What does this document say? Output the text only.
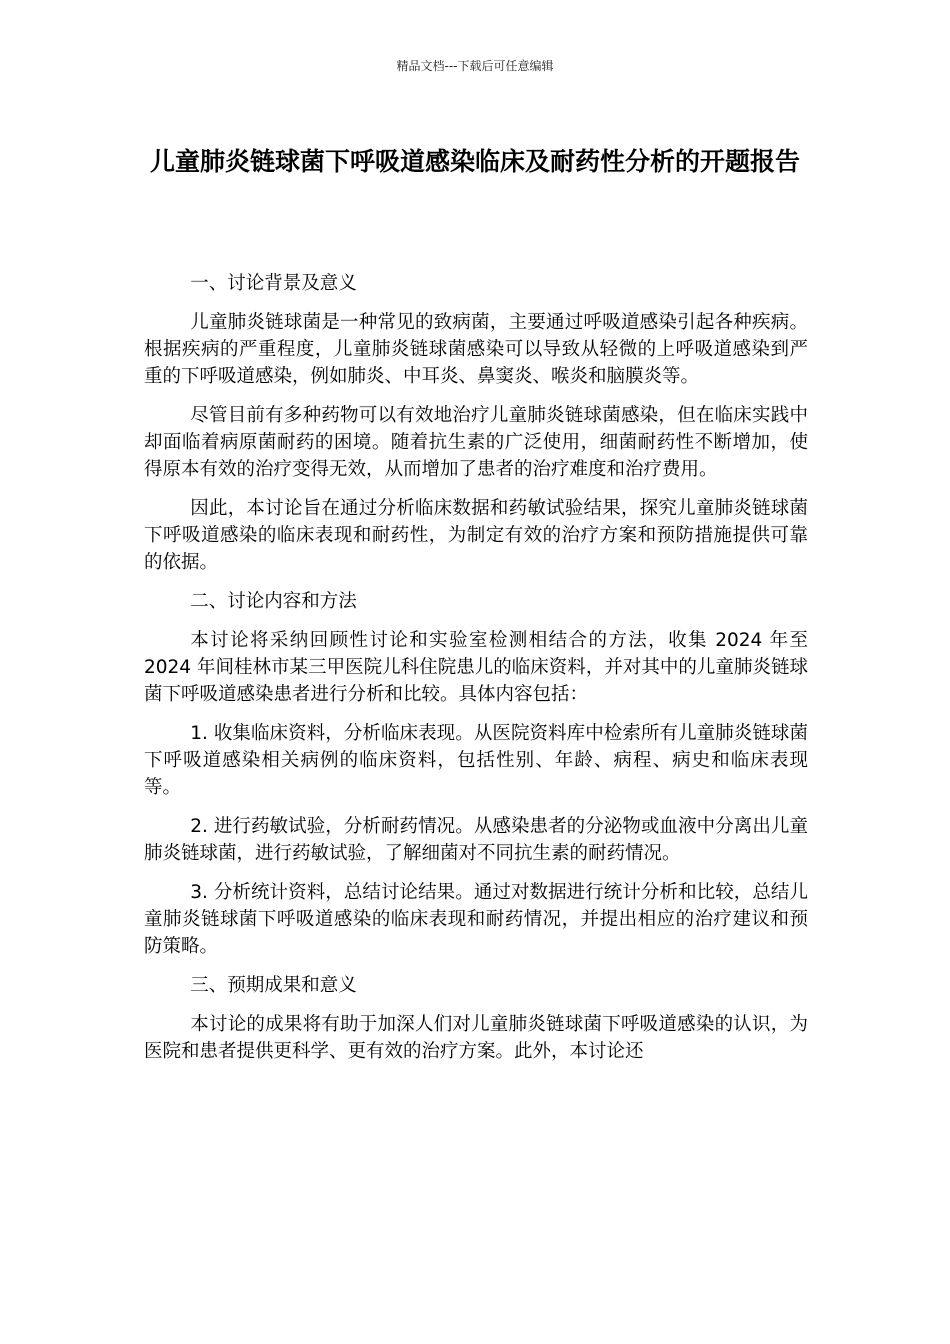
精品文档---下载后可任意编辑
儿童肺炎链球菌下呼吸道感染临床及耐药性分析的开题报告

一、讨论背景及意义

儿童肺炎链球菌是一种常见的致病菌，主要通过呼吸道感染引起各种疾病。根据疾病的严重程度，儿童肺炎链球菌感染可以导致从轻微的上呼吸道感染到严重的下呼吸道感染，例如肺炎、中耳炎、鼻窦炎、喉炎和脑膜炎等。

尽管目前有多种药物可以有效地治疗儿童肺炎链球菌感染，但在临床实践中却面临着病原菌耐药的困境。随着抗生素的广泛使用，细菌耐药性不断增加，使得原本有效的治疗变得无效，从而增加了患者的治疗难度和治疗费用。

因此，本讨论旨在通过分析临床数据和药敏试验结果，探究儿童肺炎链球菌下呼吸道感染的临床表现和耐药性，为制定有效的治疗方案和预防措施提供可靠的依据。

二、讨论内容和方法

本讨论将采纳回顾性讨论和实验室检测相结合的方法，收集 2024 年至 2024 年间桂林市某三甲医院儿科住院患儿的临床资料，并对其中的儿童肺炎链球菌下呼吸道感染患者进行分析和比较。具体内容包括：

1. 收集临床资料，分析临床表现。从医院资料库中检索所有儿童肺炎链球菌下呼吸道感染相关病例的临床资料，包括性别、年龄、病程、病史和临床表现等。

2. 进行药敏试验，分析耐药情况。从感染患者的分泌物或血液中分离出儿童肺炎链球菌，进行药敏试验，了解细菌对不同抗生素的耐药情况。

3. 分析统计资料，总结讨论结果。通过对数据进行统计分析和比较，总结儿童肺炎链球菌下呼吸道感染的临床表现和耐药情况，并提出相应的治疗建议和预防策略。

三、预期成果和意义

本讨论的成果将有助于加深人们对儿童肺炎链球菌下呼吸道感染的认识，为医院和患者提供更科学、更有效的治疗方案。此外，本讨论还
